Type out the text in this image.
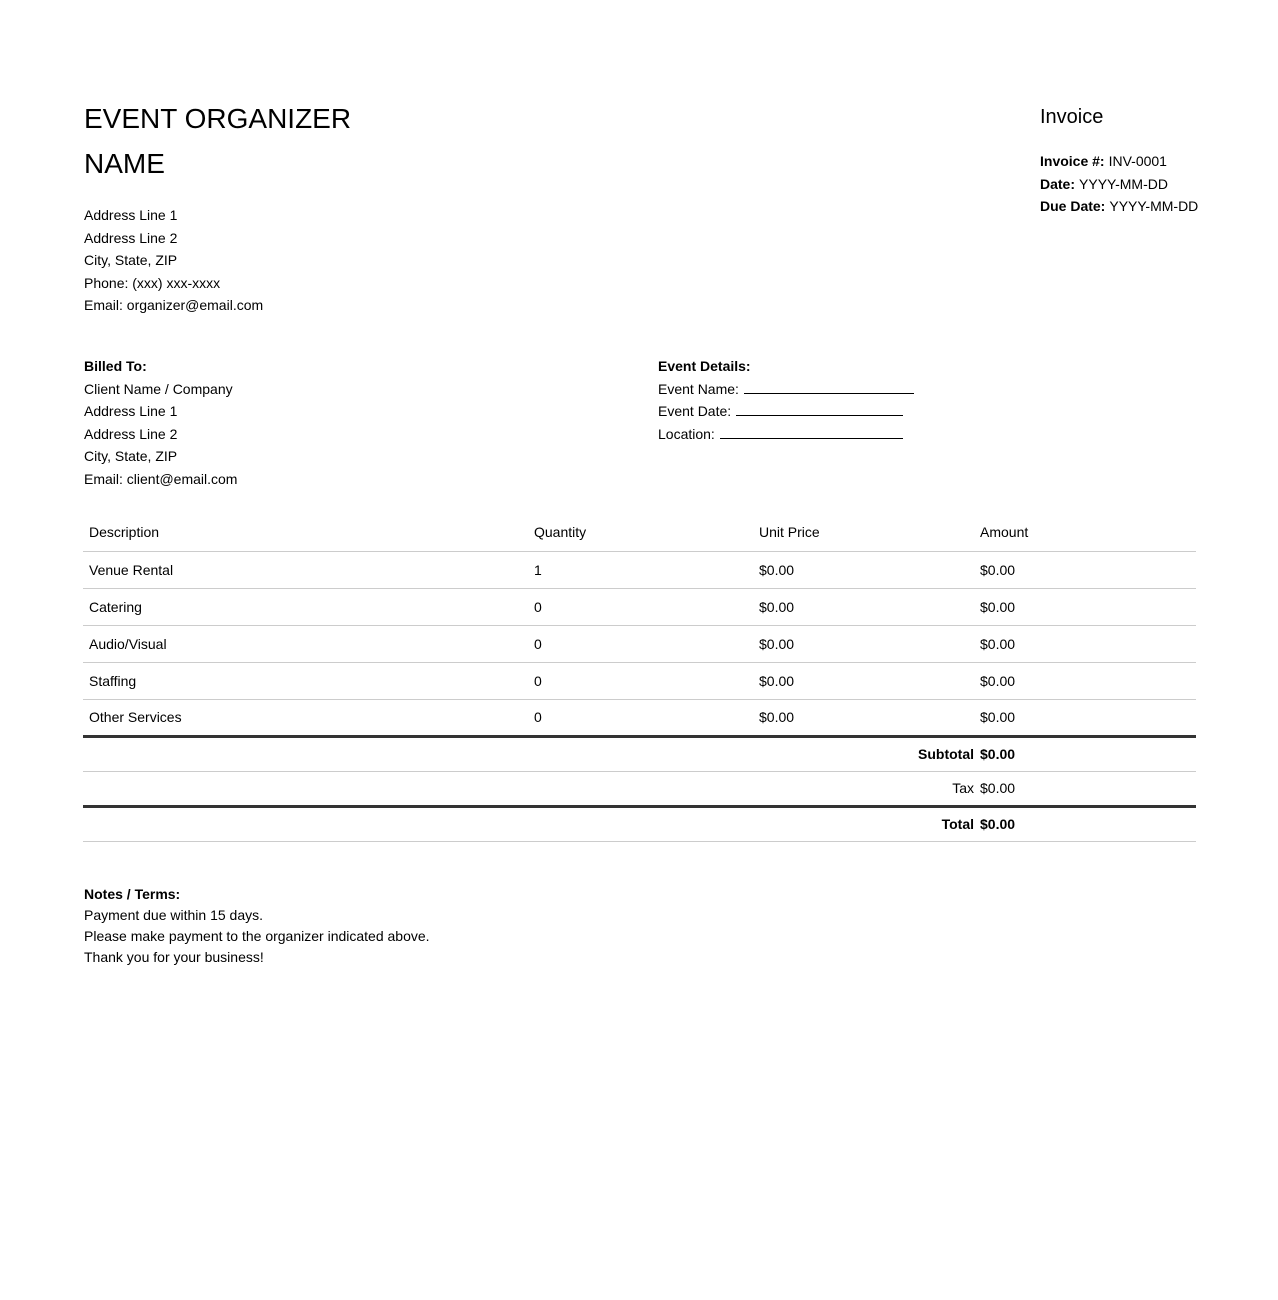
EVENT ORGANIZER NAME
Address Line 1
Address Line 2
City, State, ZIP
Phone: (xxx) xxx-xxxx
Email: organizer@email.com
Invoice
Invoice #: INV-0001
Date: YYYY-MM-DD
Due Date: YYYY-MM-DD
Billed To:
Client Name / Company
Address Line 1
Address Line 2
City, State, ZIP
Email: client@email.com
Event Details:
Event Name:
Event Date:
Location:
Description	Quantity	Unit Price	Amount
Venue Rental	1	$0.00	$0.00
Catering	0	$0.00	$0.00
Audio/Visual	0	$0.00	$0.00
Staffing	0	$0.00	$0.00
Other Services	0	$0.00	$0.00
Subtotal			$0.00
Tax			$0.00
Total			$0.00
Notes / Terms:
Payment due within 15 days.
Please make payment to the organizer indicated above.
Thank you for your business!
